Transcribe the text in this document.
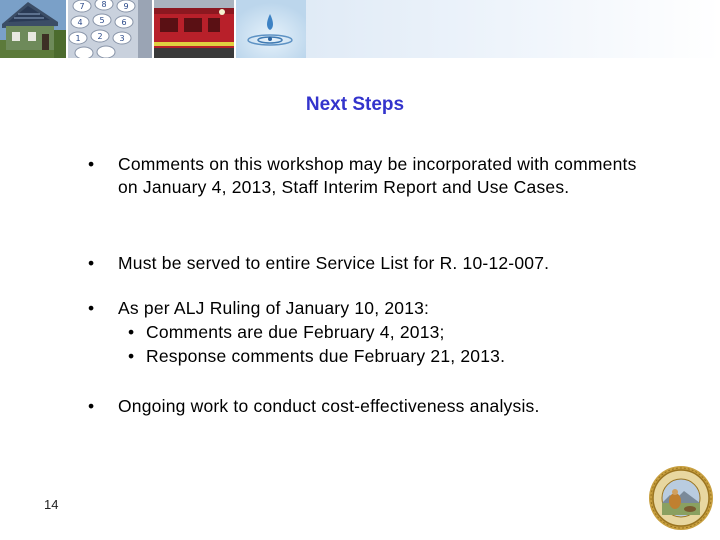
7 8 9
4 5 6
1 2 3
Next Steps
• Comments on this workshop may be incorporated with comments on January 4, 2013, Staff Interim Report and Use Cases.
• Must be served to entire Service List for R. 10-12-007.
• As per ALJ Ruling of January 10, 2013:
• Comments are due February 4, 2013;
• Response comments due February 21, 2013.
• Ongoing work to conduct cost-effectiveness analysis.
14
